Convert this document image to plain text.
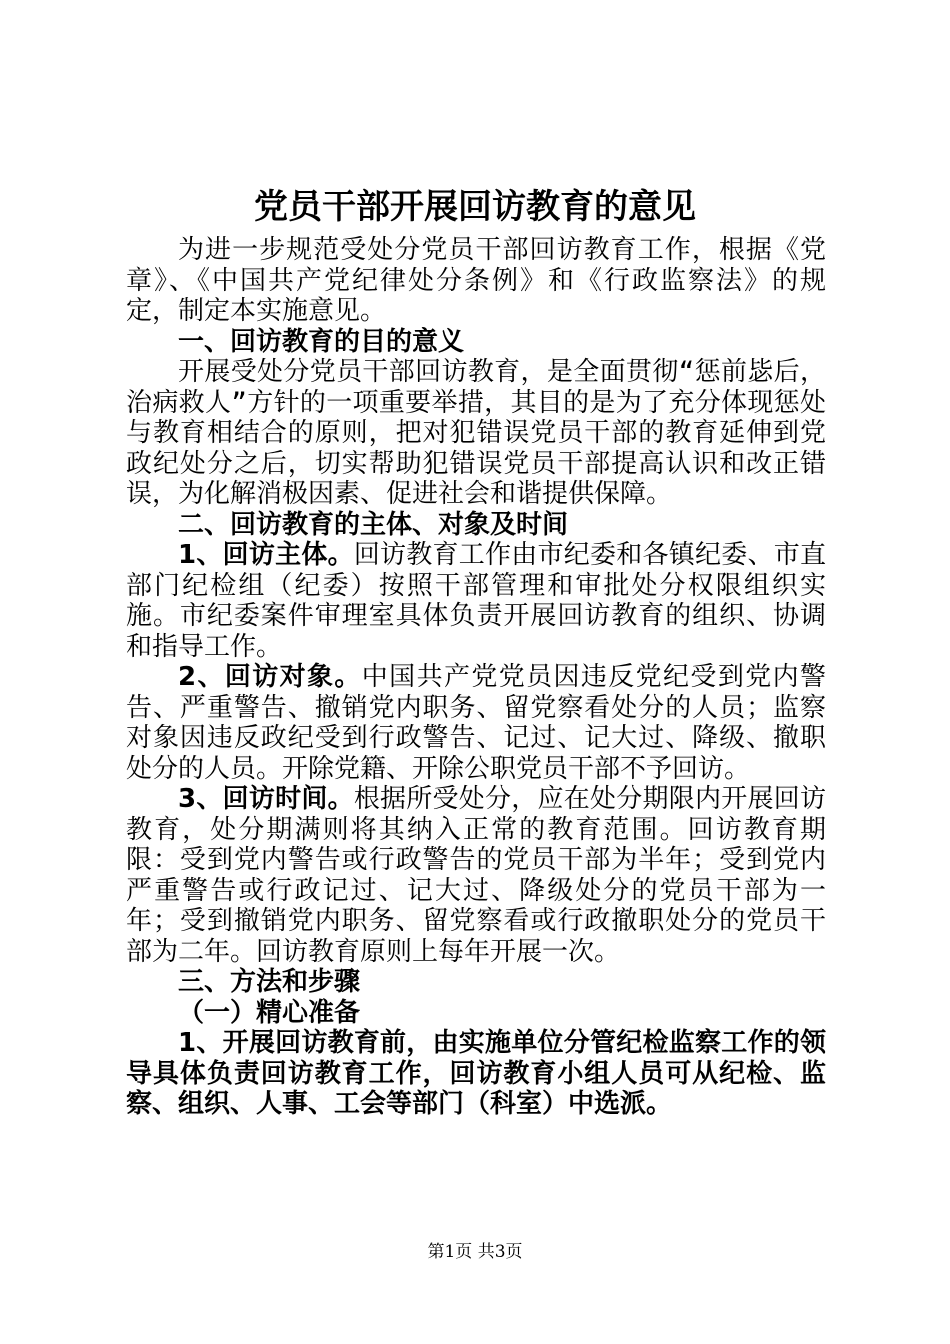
党员干部开展回访教育的意见

为进一步规范受处分党员干部回访教育工作，根据《党章》、《中国共产党纪律处分条例》和《行政监察法》的规定，制定本实施意见。

一、回访教育的目的意义

开展受处分党员干部回访教育，是全面贯彻“惩前毖后，治病救人”方针的一项重要举措，其目的是为了充分体现惩处与教育相结合的原则，把对犯错误党员干部的教育延伸到党政纪处分之后，切实帮助犯错误党员干部提高认识和改正错误，为化解消极因素、促进社会和谐提供保障。

二、回访教育的主体、对象及时间

1、回访主体。回访教育工作由市纪委和各镇纪委、市直部门纪检组（纪委）按照干部管理和审批处分权限组织实施。市纪委案件审理室具体负责开展回访教育的组织、协调和指导工作。

2、回访对象。中国共产党党员因违反党纪受到党内警告、严重警告、撤销党内职务、留党察看处分的人员；监察对象因违反政纪受到行政警告、记过、记大过、降级、撤职处分的人员。开除党籍、开除公职党员干部不予回访。

3、回访时间。根据所受处分，应在处分期限内开展回访教育，处分期满则将其纳入正常的教育范围。回访教育期限：受到党内警告或行政警告的党员干部为半年；受到党内严重警告或行政记过、记大过、降级处分的党员干部为一年；受到撤销党内职务、留党察看或行政撤职处分的党员干部为二年。回访教育原则上每年开展一次。

三、方法和步骤

（一）精心准备

1、开展回访教育前，由实施单位分管纪检监察工作的领导具体负责回访教育工作，回访教育小组人员可从纪检、监察、组织、人事、工会等部门（科室）中选派。

第1页 共3页
